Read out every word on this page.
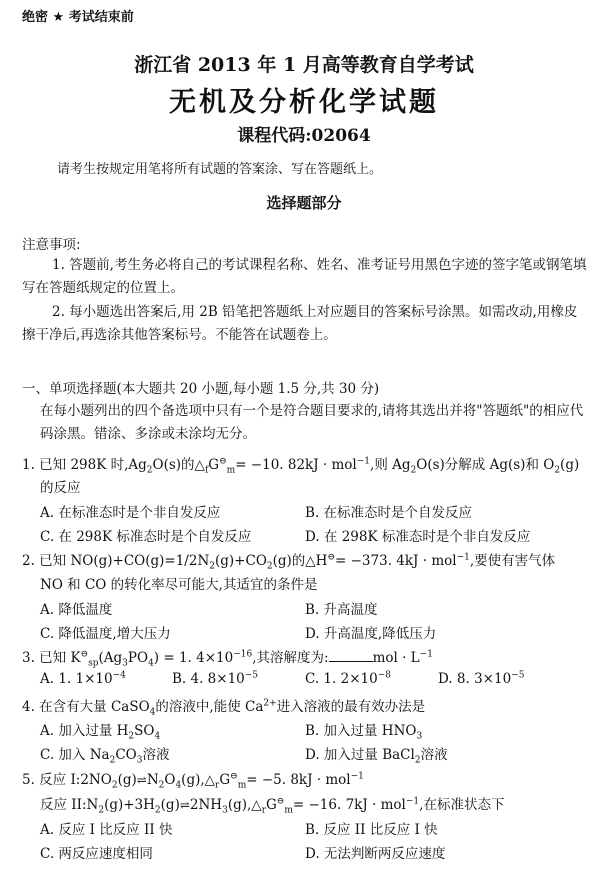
绝密 ★ 考试结束前
浙江省 2013 年 1 月高等教育自学考试
无机及分析化学试题
课程代码:02064
请考生按规定用笔将所有试题的答案涂、写在答题纸上。
选择题部分
注意事项:
1. 答题前,考生务必将自己的考试课程名称、姓名、准考证号用黑色字迹的签字笔或钢笔填写在答题纸规定的位置上。
2. 每小题选出答案后,用 2B 铅笔把答题纸上对应题目的答案标号涂黑。如需改动,用橡皮擦干净后,再选涂其他答案标号。不能答在试题卷上。
一、单项选择题(本大题共 20 小题,每小题 1.5 分,共 30 分)
在每小题列出的四个备选项中只有一个是符合题目要求的,请将其选出并将"答题纸"的相应代码涂黑。错涂、多涂或未涂均无分。
1. 已知 298K 时$,Ag_2O(s)$的$\triangle_fG^⊖_m= -10$. 82kJ · mol$^{-1}$,则 $Ag_2O(s)$分解成 Ag(s)和 $O_2(g)$
的反应
A. 在标准态时是个非自发反应	B. 在标准态时是个自发反应
C. 在 298K 标准态时是个自发反应	D. 在 298K 标准态时是个非自发反应
2. 已知 $NO(g)+CO(g)=1/2N_2(g)+CO_2(g)$的△H⊖= −373. 4kJ · mol$^{-1}$,要使有害气体
NO 和 CO 的转化率尽可能大,其适宜的条件是
A. 降低温度	B. 升高温度
C. 降低温度,增大压力	D. 升高温度,降低压力
3. 已知 $K^⊖_{sp}(Ag_3PO_4) = 1$. $4\times 10^{-16}$,其溶解度为:	mol · $L^{-1}$
A. 1. $1\times 10^{-4}$	B. 4. $8\times 10^{-5}$	C. 1. $2\times 10^{-8}$	D. 8. $3\times 10^{-5}$
4. 在含有大量 CaSO$_4$的溶液中,能使 $Ca^{2+}$进入溶液的最有效办法是
A. 加入过量 $H_2SO_4$	B. 加入过量 $HNO_3$
C. 加入 $Na_2CO_3$溶液	D. 加入过量 BaCl$_2$溶液
5. 反应 $I:2NO_2(g)\rightleftharpoons N_2O_4(g),\triangle_rG^⊖_m= -5$. 8kJ · mol$^{-1}$
反应 $II:N_2(g)+3H_2(g)\rightleftharpoons 2NH_3(g),\triangle_rG^⊖_m= -16$. 7kJ · mol$^{-1}$,在标准状态下
A. 反应 I 比反应 II 快	B. 反应 II 比反应 I 快
C. 两反应速度相同	D. 无法判断两反应速度
